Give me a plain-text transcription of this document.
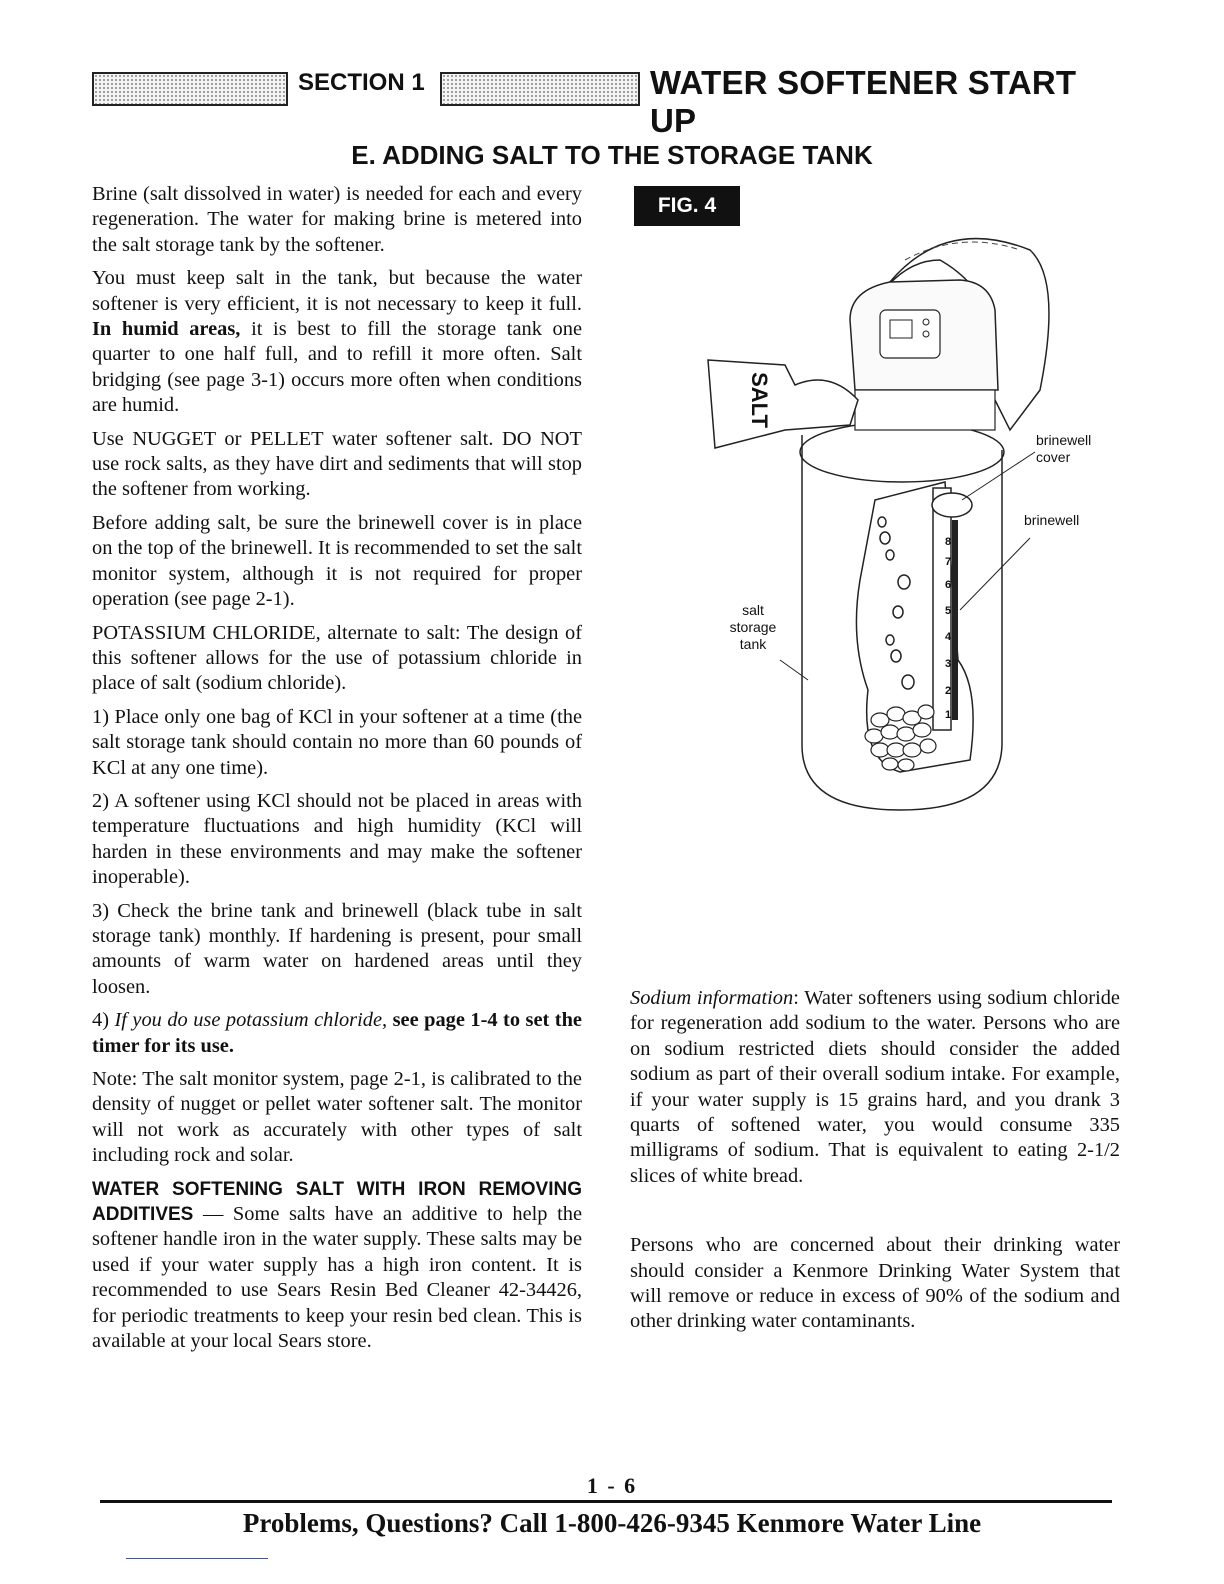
SECTION 1	WATER SOFTENER START UP
E. ADDING SALT TO THE STORAGE TANK

Brine (salt dissolved in water) is needed for each and every regeneration. The water for making brine is metered into the salt storage tank by the softener.

You must keep salt in the tank, but because the water softener is very efficient, it is not necessary to keep it full. In humid areas, it is best to fill the storage tank one quarter to one half full, and to refill it more often. Salt bridging (see page 3-1) occurs more often when conditions are humid.

Use NUGGET or PELLET water softener salt. DO NOT use rock salts, as they have dirt and sediments that will stop the softener from working.

Before adding salt, be sure the brinewell cover is in place on the top of the brinewell. It is recommended to set the salt monitor system, although it is not required for proper operation (see page 2-1).

POTASSIUM CHLORIDE, alternate to salt: The design of this softener allows for the use of potassium chloride in place of salt (sodium chloride).

1) Place only one bag of KCl in your softener at a time (the salt storage tank should contain no more than 60 pounds of KCl at any one time).

2) A softener using KCl should not be placed in areas with temperature fluctuations and high humidity (KCl will harden in these environments and may make the softener inoperable).

3) Check the brine tank and brinewell (black tube in salt storage tank) monthly. If hardening is present, pour small amounts of warm water on hardened areas until they loosen.

4) If you do use potassium chloride, see page 1-4 to set the timer for its use.

Note: The salt monitor system, page 2-1, is calibrated to the density of nugget or pellet water softener salt. The monitor will not work as accurately with other types of salt including rock and solar.

WATER SOFTENING SALT WITH IRON REMOVING ADDITIVES — Some salts have an additive to help the softener handle iron in the water supply. These salts may be used if your water supply has a high iron content. It is recommended to use Sears Resin Bed Cleaner 42-34426, for periodic treatments to keep your resin bed clean. This is available at your local Sears store.

FIG. 4
SALT
8
7
6
5
4
3
2
1
brinewell cover
brinewell
salt storage tank

Sodium information: Water softeners using sodium chloride for regeneration add sodium to the water. Persons who are on sodium restricted diets should consider the added sodium as part of their overall sodium intake. For example, if your water supply is 15 grains hard, and you drank 3 quarts of softened water, you would consume 335 milligrams of sodium. That is equivalent to eating 2-1/2 slices of white bread.

Persons who are concerned about their drinking water should consider a Kenmore Drinking Water System that will remove or reduce in excess of 90% of the sodium and other drinking water contaminants.

1 - 6
Problems, Questions? Call 1-800-426-9345 Kenmore Water Line
